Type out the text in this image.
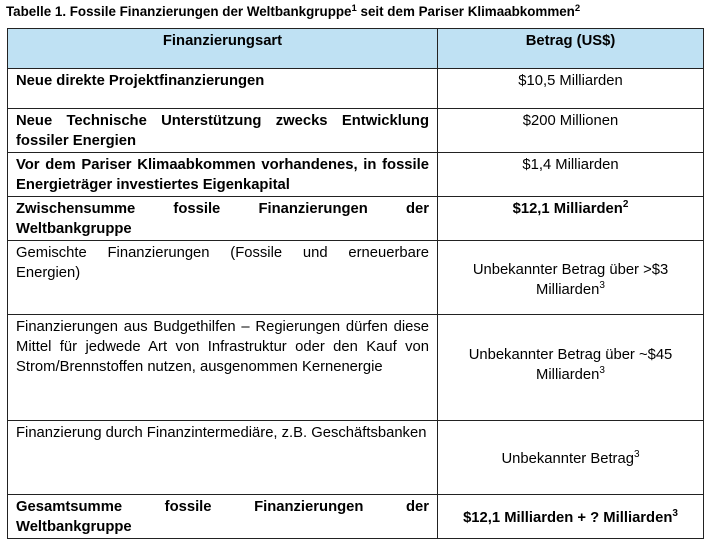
Tabelle 1. Fossile Finanzierungen der Weltbankgruppe$^1$ seit dem Pariser Klimaabkommen$^2$
Finanzierungsart	Betrag (US$)
Neue direkte Projektfinanzierungen	$10,5 Milliarden
Neue Technische Unterstützung zwecks Entwicklung fossiler Energien	$200 Millionen
Vor dem Pariser Klimaabkommen vorhandenes, in fossile Energieträger investiertes Eigenkapital	$1,4 Milliarden
Zwischensumme fossile Finanzierungen der Weltbankgruppe	$12,1 Milliarden$^2$
Gemischte Finanzierungen (Fossile und erneuerbare Energien)	Unbekannter Betrag über >$3 Milliarden$^3$
Finanzierungen aus Budgethilfen – Regierungen dürfen diese Mittel für jedwede Art von Infrastruktur oder den Kauf von Strom/Brennstoffen nutzen, ausgenommen Kernenergie	Unbekannter Betrag über ~$45 Milliarden$^3$
Finanzierung durch Finanzintermediäre, z.B. Geschäftsbanken	Unbekannter Betrag$^3$
Gesamtsumme fossile Finanzierungen der Weltbankgruppe	$12,1 Milliarden + ? Milliarden$^3$
